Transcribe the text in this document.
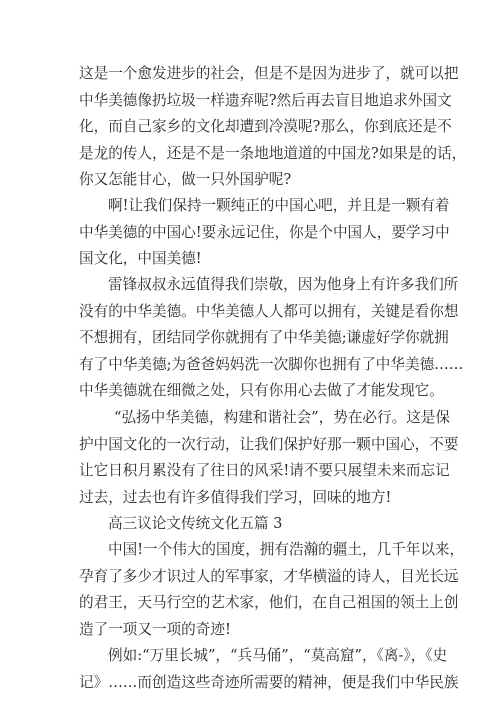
这是一个愈发进步的社会，但是不是因为进步了，就可以把
中华美德像扔垃圾一样遗弃呢?然后再去盲目地追求外国文
化，而自己家乡的文化却遭到冷漠呢?那么，你到底还是不
是龙的传人，还是不是一条地地道道的中国龙?如果是的话，
你又怎能甘心，做一只外国驴呢?
啊!让我们保持一颗纯正的中国心吧，并且是一颗有着
中华美德的中国心!要永远记住，你是个中国人，要学习中
国文化，中国美德!
雷锋叔叔永远值得我们崇敬，因为他身上有许多我们所
没有的中华美德。中华美德人人都可以拥有，关键是看你想
不想拥有，团结同学你就拥有了中华美德;谦虚好学你就拥
有了中华美德;为爸爸妈妈洗一次脚你也拥有了中华美德……
中华美德就在细微之处，只有你用心去做了才能发现它。
“弘扬中华美德，构建和谐社会”，势在必行。这是保
护中国文化的一次行动，让我们保护好那一颗中国心，不要
让它日积月累没有了往日的风采!请不要只展望未来而忘记
过去，过去也有许多值得我们学习，回味的地方!
高三议论文传统文化五篇 3
中国!一个伟大的国度，拥有浩瀚的疆土，几千年以来，
孕育了多少才识过人的军事家，才华横溢的诗人，目光长远
的君王，天马行空的艺术家，他们，在自己祖国的领土上创
造了一项又一项的奇迹!
例如:“万里长城”，“兵马俑”，“莫高窟”，《离-》，《史
记》……而创造这些奇迹所需要的精神，便是我们中华民族
